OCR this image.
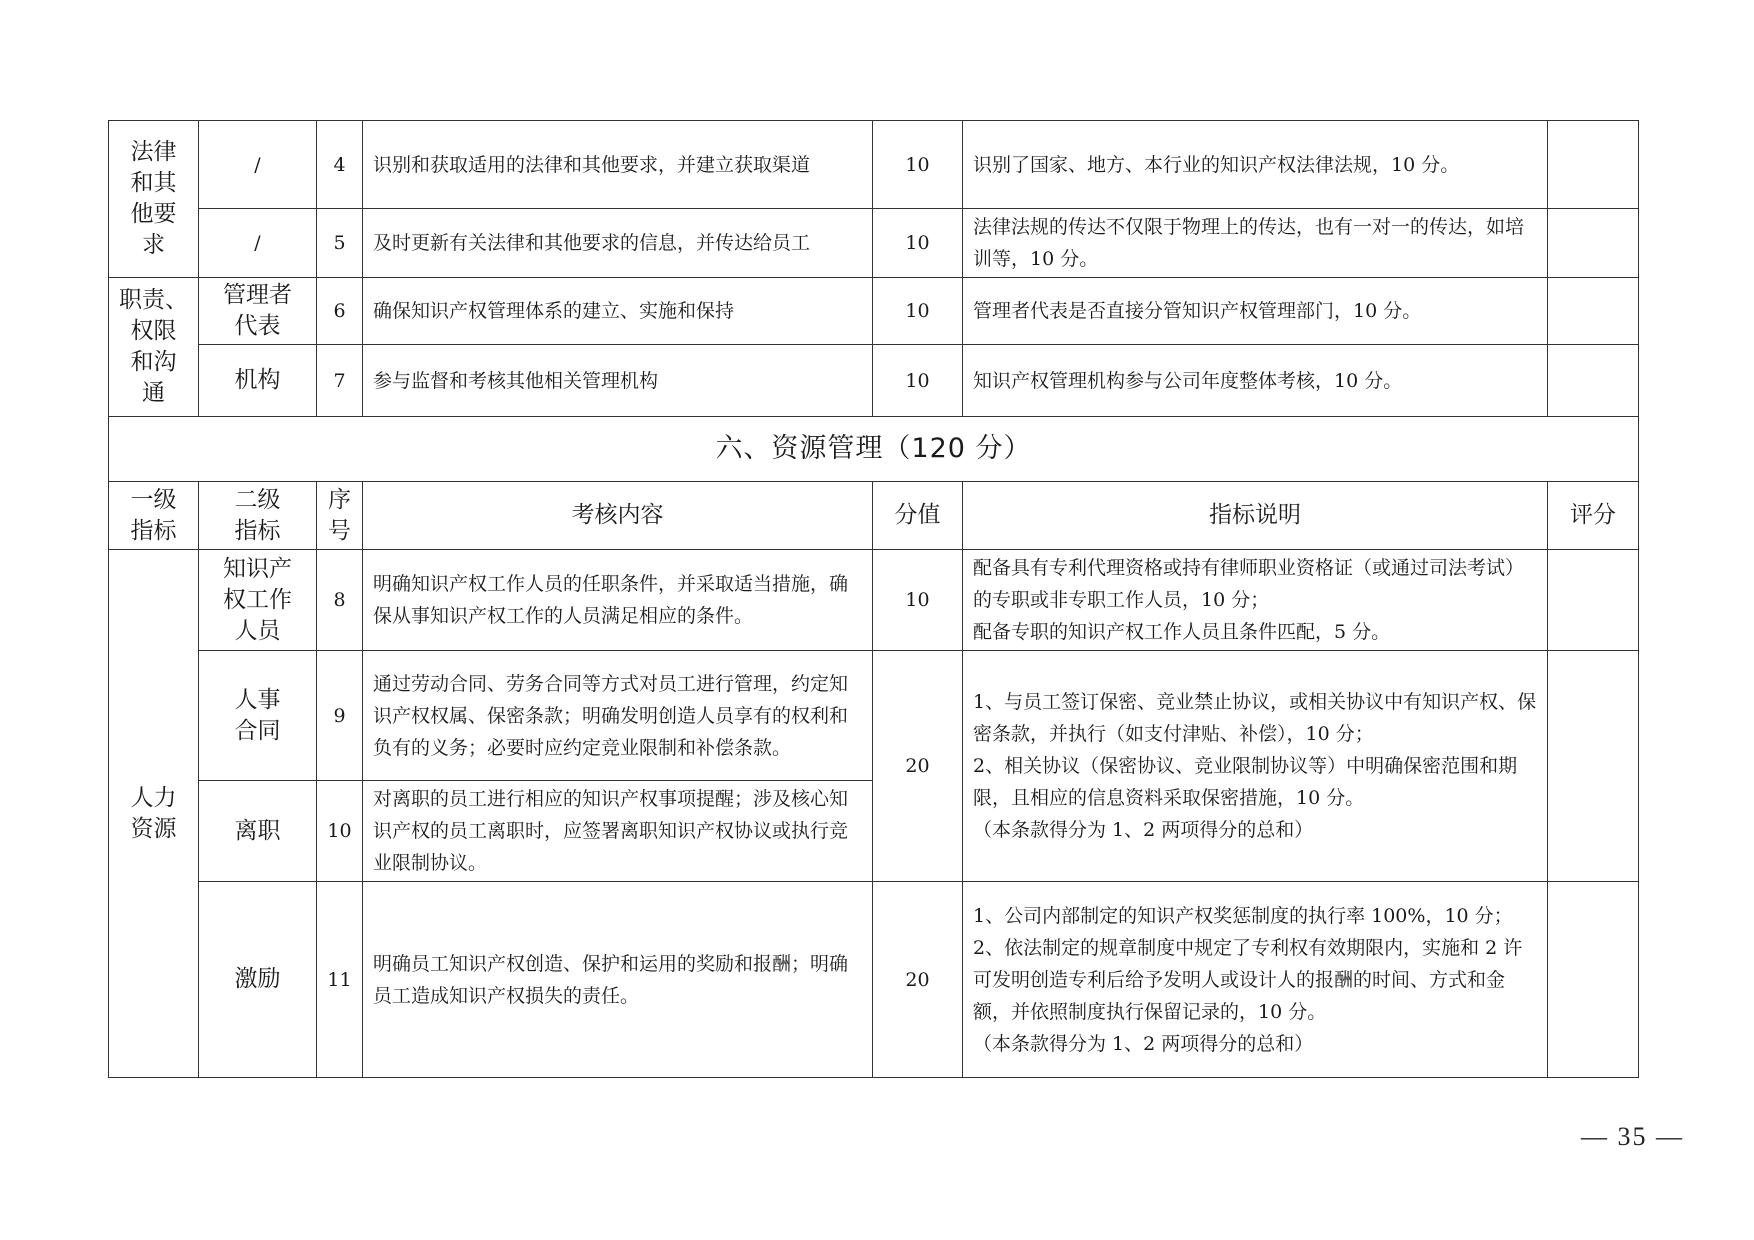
法律
和其
他要
求	/	4	识别和获取适用的法律和其他要求，并建立获取渠道	10	识别了国家、地方、本行业的知识产权法律法规，10 分。	
	/	5	及时更新有关法律和其他要求的信息，并传达给员工	10	法律法规的传达不仅限于物理上的传达，也有一对一的传达，如培训等，10 分。	
职责、
权限
和沟
通	管理者
代表	6	确保知识产权管理体系的建立、实施和保持	10	管理者代表是否直接分管知识产权管理部门，10 分。	
	机构	7	参与监督和考核其他相关管理机构	10	知识产权管理机构参与公司年度整体考核，10 分。	
六、资源管理（120 分）						
一级
指标	二级
指标	序
号	考核内容	分值	指标说明	评分
人力
资源	知识产
权工作
人员	8	明确知识产权工作人员的任职条件，并采取适当措施，确保从事知识产权工作的人员满足相应的条件。	10	配备具有专利代理资格或持有律师职业资格证（或通过司法考试）的专职或非专职工作人员，10 分；
配备专职的知识产权工作人员且条件匹配，5 分。	
	人事
合同	9	通过劳动合同、劳务合同等方式对员工进行管理，约定知识产权权属、保密条款；明确发明创造人员享有的权利和负有的义务；必要时应约定竞业限制和补偿条款。	20	1、与员工签订保密、竞业禁止协议，或相关协议中有知识产权、保密条款，并执行（如支付津贴、补偿），10 分；
2、相关协议（保密协议、竞业限制协议等）中明确保密范围和期限，且相应的信息资料采取保密措施，10 分。
（本条款得分为 1、2 两项得分的总和）	
	离职	10	对离职的员工进行相应的知识产权事项提醒；涉及核心知识产权的员工离职时，应签署离职知识产权协议或执行竞业限制协议。			
	激励	11	明确员工知识产权创造、保护和运用的奖励和报酬；明确员工造成知识产权损失的责任。	20	1、公司内部制定的知识产权奖惩制度的执行率 100%，10 分；
2、依法制定的规章制度中规定了专利权有效期限内，实施和 2 许可发明创造专利后给予发明人或设计人的报酬的时间、方式和金额，并依照制度执行保留记录的，10 分。
（本条款得分为 1、2 两项得分的总和）	
— 35 —
